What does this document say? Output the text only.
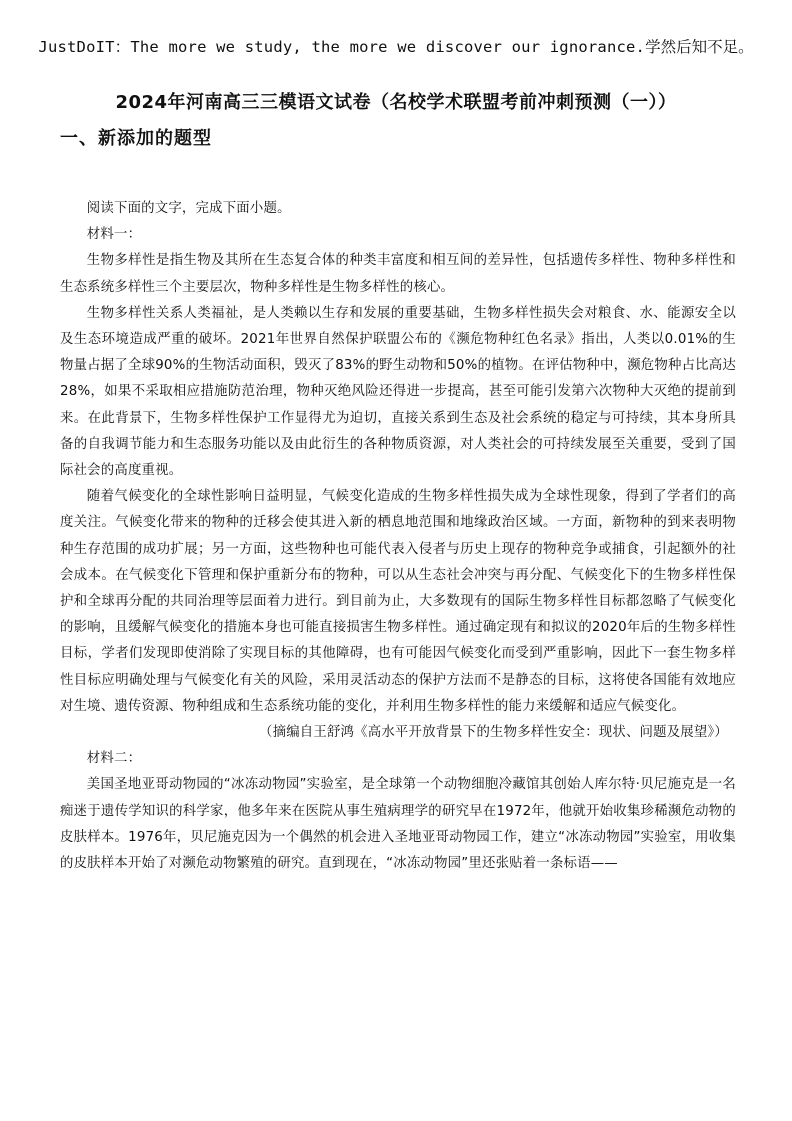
JustDoIT：The more we study, the more we discover our ignorance.学然后知不足。
2024年河南高三三模语文试卷（名校学术联盟考前冲刺预测（一））
一、新添加的题型

阅读下面的文字，完成下面小题。

材料一：

生物多样性是指生物及其所在生态复合体的种类丰富度和相互间的差异性，包括遗传多样性、物种多样性和生态系统多样性三个主要层次，物种多样性是生物多样性的核心。

生物多样性关系人类福祉，是人类赖以生存和发展的重要基础，生物多样性损失会对粮食、水、能源安全以及生态环境造成严重的破坏。2021年世界自然保护联盟公布的《濒危物种红色名录》指出，人类以0.01%的生物量占据了全球90%的生物活动面积，毁灭了83%的野生动物和50%的植物。在评估物种中，濒危物种占比高达28%，如果不采取相应措施防范治理，物种灭绝风险还得进一步提高，甚至可能引发第六次物种大灭绝的提前到来。在此背景下，生物多样性保护工作显得尤为迫切，直接关系到生态及社会系统的稳定与可持续，其本身所具备的自我调节能力和生态服务功能以及由此衍生的各种物质资源，对人类社会的可持续发展至关重要，受到了国际社会的高度重视。

随着气候变化的全球性影响日益明显，气候变化造成的生物多样性损失成为全球性现象，得到了学者们的高度关注。气候变化带来的物种的迁移会使其进入新的栖息地范围和地缘政治区域。一方面，新物种的到来表明物种生存范围的成功扩展；另一方面，这些物种也可能代表入侵者与历史上现存的物种竞争或捕食，引起额外的社会成本。在气候变化下管理和保护重新分布的物种，可以从生态社会冲突与再分配、气候变化下的生物多样性保护和全球再分配的共同治理等层面着力进行。到目前为止，大多数现有的国际生物多样性目标都忽略了气候变化的影响，且缓解气候变化的措施本身也可能直接损害生物多样性。通过确定现有和拟议的2020年后的生物多样性目标，学者们发现即使消除了实现目标的其他障碍，也有可能因气候变化而受到严重影响，因此下一套生物多样性目标应明确处理与气候变化有关的风险，采用灵活动态的保护方法而不是静态的目标，这将使各国能有效地应对生境、遗传资源、物种组成和生态系统功能的变化，并利用生物多样性的能力来缓解和适应气候变化。

（摘编自王舒鸿《高水平开放背景下的生物多样性安全：现状、问题及展望》）

材料二：

美国圣地亚哥动物园的“冰冻动物园”实验室，是全球第一个动物细胞冷藏馆其创始人库尔特·贝尼施克是一名痴迷于遗传学知识的科学家，他多年来在医院从事生殖病理学的研究早在1972年，他就开始收集珍稀濒危动物的皮肤样本。1976年，贝尼施克因为一个偶然的机会进入圣地亚哥动物园工作，建立“冰冻动物园”实验室，用收集的皮肤样本开始了对濒危动物繁殖的研究。直到现在，“冰冻动物园”里还张贴着一条标语——
